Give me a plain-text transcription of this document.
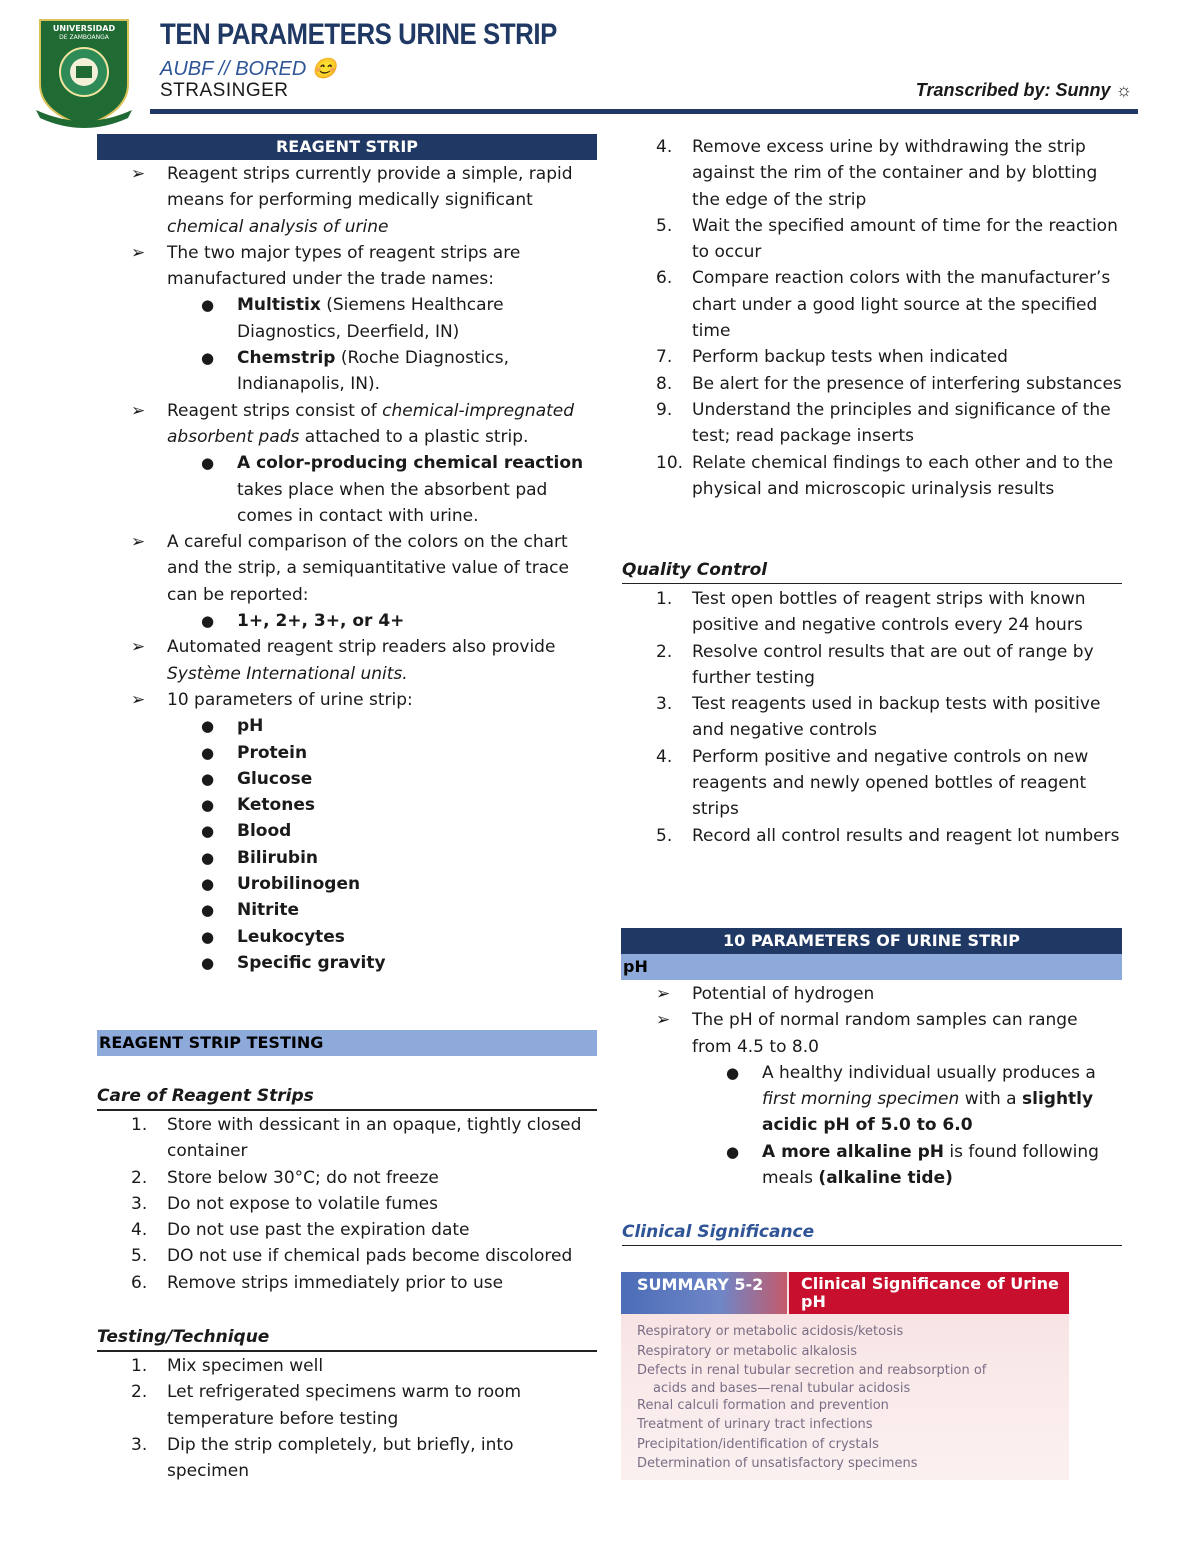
UNIVERSIDAD
DE ZAMBOANGA TEN PARAMETERS URINE STRIP
AUBF // BORED 😊
STRASINGER	Transcribed by: Sunny ☼
REAGENT STRIP
➢ Reagent strips currently provide a simple, rapid means for performing medically significant chemical analysis of urine
➢ The two major types of reagent strips are manufactured under the trade names:
● Multistix (Siemens Healthcare Diagnostics, Deerfield, IN)
● Chemstrip (Roche Diagnostics, Indianapolis, IN).
➢ Reagent strips consist of chemical-impregnated absorbent pads attached to a plastic strip.
● A color-producing chemical reaction takes place when the absorbent pad comes in contact with urine.
➢ A careful comparison of the colors on the chart and the strip, a semiquantitative value of trace can be reported:
● 1+, 2+, 3+, or 4+
➢ Automated reagent strip readers also provide Système International units.
➢ 10 parameters of urine strip:
● pH
● Protein
● Glucose
● Ketones
● Blood
● Bilirubin
● Urobilinogen
● Nitrite
● Leukocytes
● Specific gravity
REAGENT STRIP TESTING
Care of Reagent Strips
1. Store with dessicant in an opaque, tightly closed container
2. Store below 30°C; do not freeze
3. Do not expose to volatile fumes
4. Do not use past the expiration date
5. DO not use if chemical pads become discolored
6. Remove strips immediately prior to use
Testing/Technique
1. Mix specimen well
2. Let refrigerated specimens warm to room temperature before testing
3. Dip the strip completely, but briefly, into specimen
4. Remove excess urine by withdrawing the strip against the rim of the container and by blotting the edge of the strip
5. Wait the specified amount of time for the reaction to occur
6. Compare reaction colors with the manufacturer’s chart under a good light source at the specified time
7. Perform backup tests when indicated
8. Be alert for the presence of interfering substances
9. Understand the principles and significance of the test; read package inserts
10. Relate chemical findings to each other and to the physical and microscopic urinalysis results
Quality Control
1. Test open bottles of reagent strips with known positive and negative controls every 24 hours
2. Resolve control results that are out of range by further testing
3. Test reagents used in backup tests with positive and negative controls
4. Perform positive and negative controls on new reagents and newly opened bottles of reagent strips
5. Record all control results and reagent lot numbers
10 PARAMETERS OF URINE STRIP
pH
➢ Potential of hydrogen
➢ The pH of normal random samples can range from 4.5 to 8.0
● A healthy individual usually produces a first morning specimen with a slightly acidic pH of 5.0 to 6.0
● A more alkaline pH is found following meals (alkaline tide)
Clinical Significance
SUMMARY 5-2	Clinical Significance of Urine pH
Respiratory or metabolic acidosis/ketosis
Respiratory or metabolic alkalosis
Defects in renal tubular secretion and reabsorption of
acids and bases—renal tubular acidosis
Renal calculi formation and prevention
Treatment of urinary tract infections
Precipitation/identification of crystals
Determination of unsatisfactory specimens
